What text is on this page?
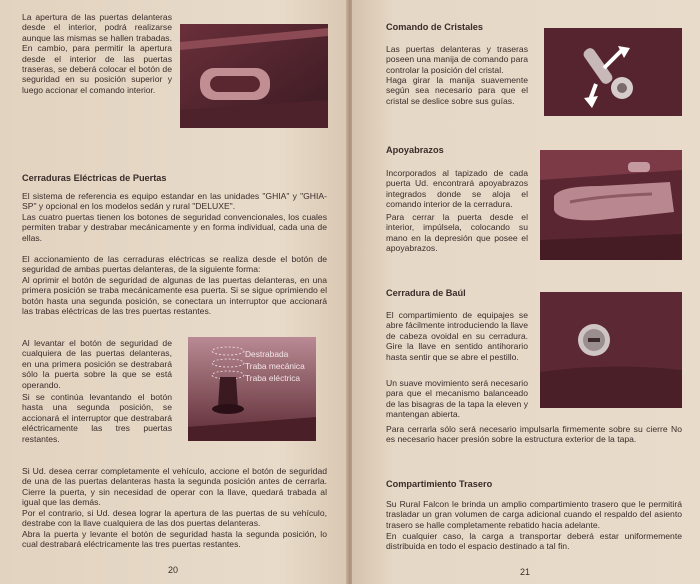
La apertura de las puertas delanteras desde el interior, podrá realizarse aunque las mismas se hallen trabadas. En cambio, para permitir la apertura desde el interior de las puertas traseras, se deberá colocar el botón de seguridad en su posición superior y luego accionar el comando interior.

Cerraduras Eléctricas de Puertas

El sistema de referencia es equipo estandar en las unidades "GHIA" y "GHIA-SP" y opcional en los modelos sedán y rural "DELUXE".

Las cuatro puertas tienen los botones de seguridad convencionales, los cuales permiten trabar y destrabar mecánicamente y en forma individual, cada una de ellas.

El accionamiento de las cerraduras eléctricas se realiza desde el botón de seguridad de ambas puertas delanteras, de la siguiente forma:

Al oprimir el botón de seguridad de algunas de las puertas delanteras, en una primera posición se traba mecánicamente esa puerta. Si se sigue oprimiendo el botón hasta una segunda posición, se conectara un interruptor que accionará las trabas eléctricas de las tres puertas restantes.

Al levantar el botón de seguridad de cualquiera de las puertas delanteras, en una primera posición se destrabará sólo la puerta sobre la que se está operando.

Si se continúa levantando el botón hasta una segunda posición, se accionará el interruptor que destrabará eléctricamente las tres puertas restantes.

Destrabada
Traba mecánica
Traba eléctrica

Si Ud. desea cerrar completamente el vehículo, accione el botón de seguridad de una de las puertas delanteras hasta la segunda posición antes de cerrarla. Cierre la puerta, y sin necesidad de operar con la llave, quedará trabada al igual que las demás.

Por el contrario, si Ud. desea lograr la apertura de las puertas de su vehículo, destrabe con la llave cualquiera de las dos puertas delanteras.

Abra la puerta y levante el botón de seguridad hasta la segunda posición, lo cual destrabará eléctricamente las tres puertas restantes.

20
Comando de Cristales

Las puertas delanteras y traseras poseen una manija de comando para controlar la posición del cristal.

Haga girar la manija suavemente según sea necesario para que el cristal se deslice sobre sus guías.

Apoyabrazos

Incorporados al tapizado de cada puerta Ud. encontrará apoyabrazos integrados donde se aloja el comando interior de la cerradura.

Para cerrar la puerta desde el interior, impúlsela, colocando su mano en la depresión que posee el apoyabrazos.

Cerradura de Baúl

El compartimiento de equipajes se abre fácilmente introduciendo la llave de cabeza ovoidal en su cerradura. Gire la llave en sentido antihorario hasta sentir que se abre el pestillo.

Un suave movimiento será necesario para que el mecanismo balanceado de las bisagras de la tapa la eleven y mantengan abierta.

Para cerrarla sólo será necesario impulsarla firmemente sobre su cierre No es necesario hacer presión sobre la estructura exterior de la tapa.

Compartimiento Trasero

Su Rural Falcon le brinda un amplio compartimiento trasero que le permitirá trasladar un gran volumen de carga adicional cuando el respaldo del asiento trasero se halle completamente rebatido hacia adelante.

En cualquier caso, la carga a transportar deberá estar uniformemente distribuida en todo el espacio destinado a tal fin.

21
